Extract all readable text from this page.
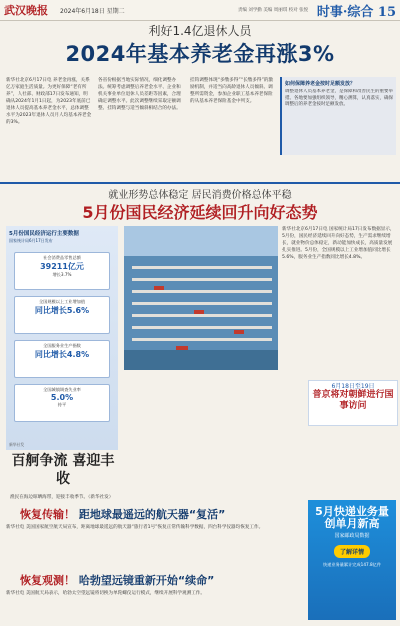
武汉晚报 2024年6月18日 星期二	责编 刘学勤 美编 周丽琪 校对 张悦 时事·综合 15
利好1.4亿退休人员
2024年基本养老金再涨3%
新华社北京6月17日电 养老金再涨，关系亿万家庭生活质量。为更好保障“老有所养”，人社部、财政部17日发布通知，明确从2024年1月1日起，为2023年底前已退休人员提高基本养老金水平，总体调整水平为2023年退休人员月人均基本养老金的3%。
各省份根据当地实际情况，细化调整办法。统筹考虑调整后养老金水平、企业和机关事业单位退休人员差距等因素，合理确定调整水平。此次调整继续采取定额调整、挂钩调整与适当倾斜相结合的办法。
挂钩调整体现“多缴多得”“长缴多得”的激励机制，并适当向高龄退休人员倾斜。调整所需资金，参加企业职工基本养老保险的从基本养老保险基金中列支。
如何保障养老金按时足额发放？
调整退休人员基本养老金，是保障和改善民生的重要举措。各地要加强组织领导，精心测算，认真落实，确保调整后的养老金按时足额发放。
就业形势总体稳定 居民消费价格总体平稳
5月份国民经济延续回升向好态势
5月份国民经济运行主要数据
国家统计局6月17日发布
社会消费品零售总额
39211亿元
增长3.7%
全国规模以上工业增加值
同比增长5.6%
全国服务业生产指数
同比增长4.8%
全国城镇调查失业率
5.0%
持平
新华社发
新华社北京6月17日电 国家统计局17日发布数据显示，5月份，国民经济延续回升向好态势，生产需求继续增长，就业物价总体稳定，新动能加快成长，高质量发展扎实推进。5月份，全国规模以上工业增加值同比增长5.6%，服务业生产指数同比增长4.8%。
百舸争流 喜迎丰收
渔民在海边晾晒海带，迎接丰收季节。（新华社发）
6月18日至19日
普京将对朝鲜进行国事访问
恢复传输！ 距地球最遥远的航天器“复活”
新华社电 美国国家航空航天局宣布，距离地球最遥远的航天器“旅行者1号”恢复正常传输科学数据，四台科学仪器均恢复工作。
恢复观测！ 哈勃望远镜重新开始“续命”
新华社电 美国航天局表示，哈勃太空望远镜将切换为单陀螺仪运行模式，继续开展科学观测工作。
5月快递业务量 创单月新高
国家邮政局数据
了解详情
快递业务量累计完成147.8亿件
